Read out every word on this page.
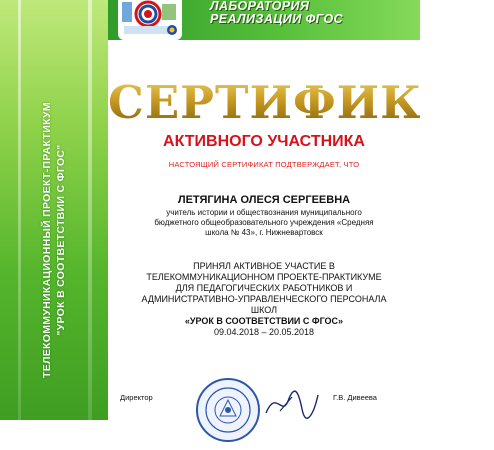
ТЕЛЕКОММУНИКАЦИОННЫЙ ПРОЕКТ-ПРАКТИКУМ "УРОК В СООТВЕТСТВИИ С ФГОС"
ЛАБОРАТОРИЯ
РЕАЛИЗАЦИИ ФГОС
СЕРТИФИКАТ
АКТИВНОГО УЧАСТНИКА
НАСТОЯЩИЙ СЕРТИФИКАТ ПОДТВЕРЖДАЕТ, ЧТО
ЛЕТЯГИНА ОЛЕСЯ СЕРГЕЕВНА
учитель истории и обществознания муниципального бюджетного общеобразовательного учреждения «Средняя школа № 43», г. Нижневартовск
ПРИНЯЛ АКТИВНОЕ УЧАСТИЕ В
ТЕЛЕКОММУНИКАЦИОННОМ ПРОЕКТЕ-ПРАКТИКУМЕ
ДЛЯ ПЕДАГОГИЧЕСКИХ РАБОТНИКОВ И
АДМИНИСТРАТИВНО-УПРАВЛЕНЧЕСКОГО ПЕРСОНАЛА
ШКОЛ
«УРОК В СООТВЕТСТВИИ С ФГОС»
09.04.2018 – 20.05.2018
Директор	Г.В. Дивеева
